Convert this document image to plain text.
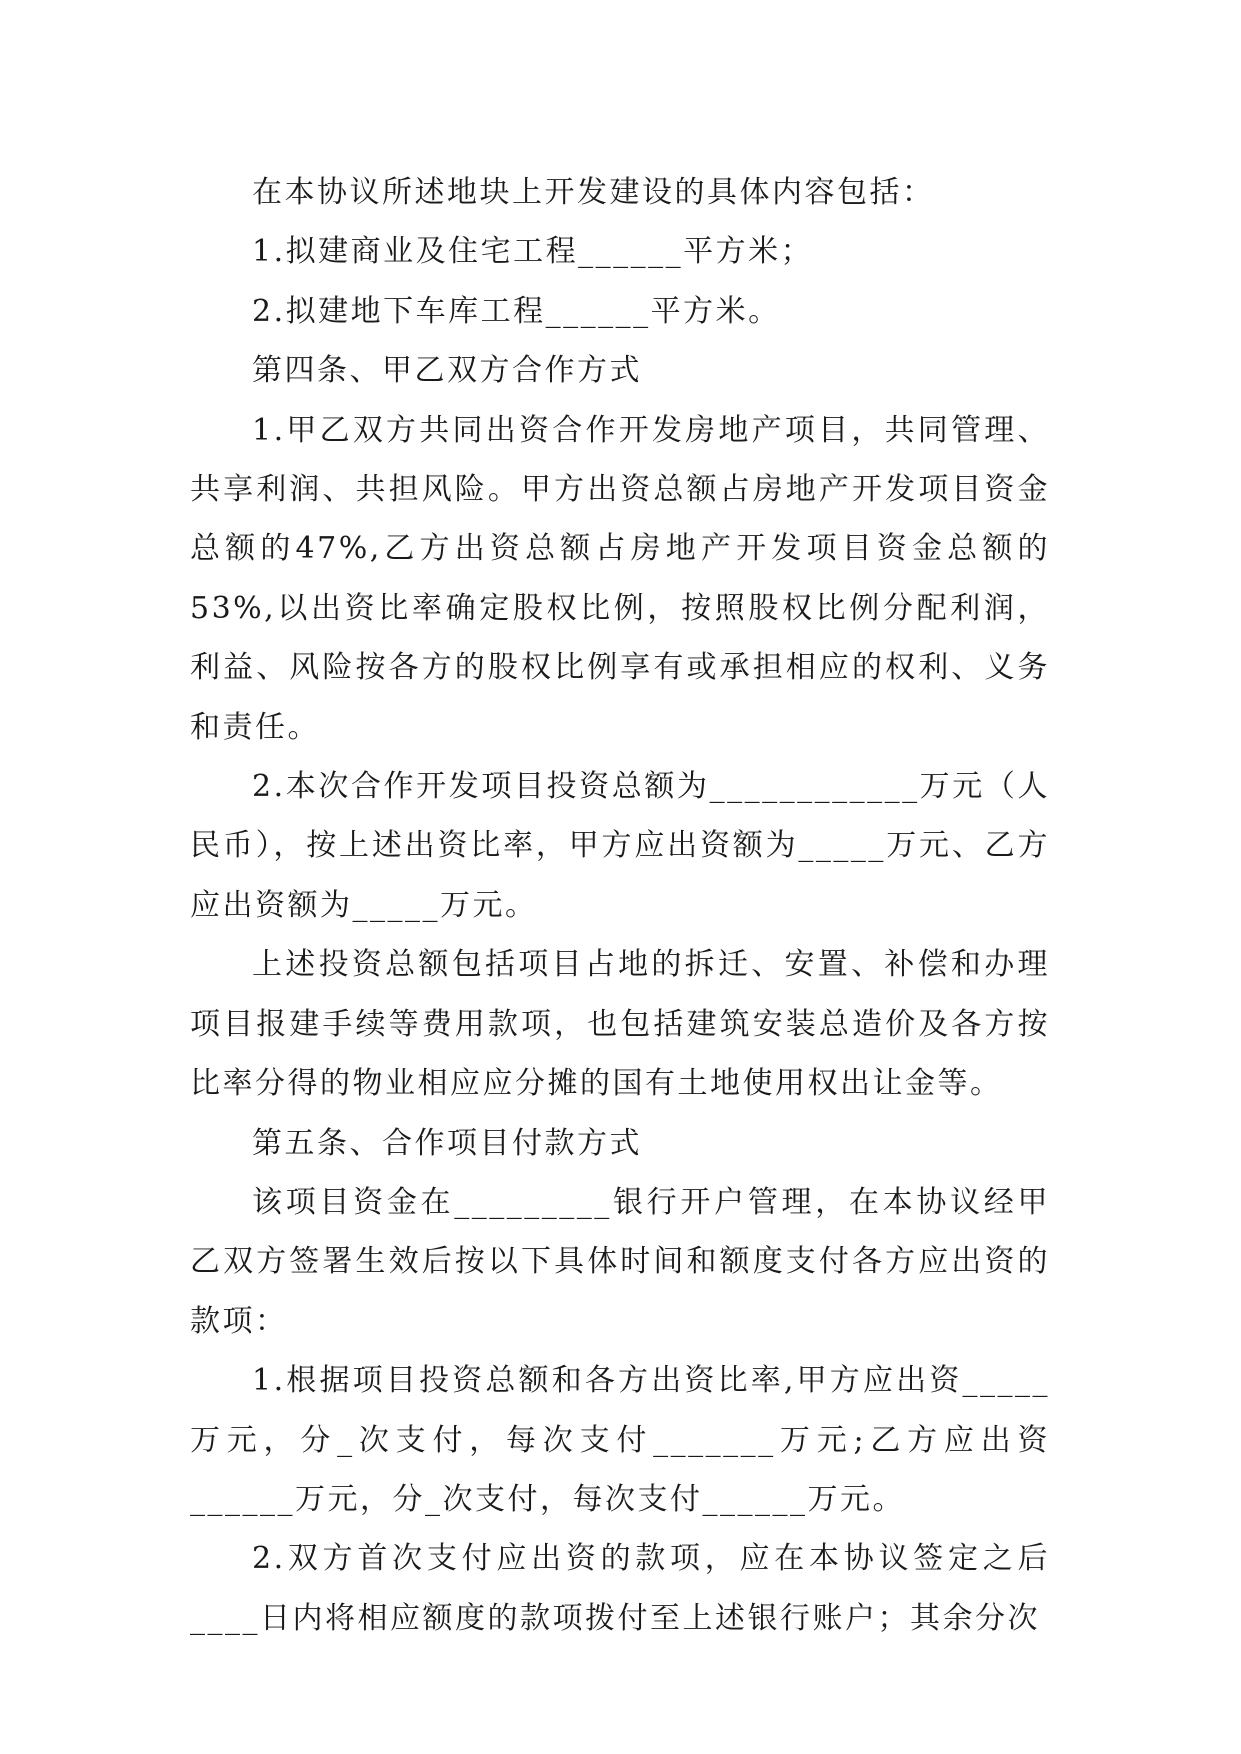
在本协议所述地块上开发建设的具体内容包括：

1.拟建商业及住宅工程______平方米；

2.拟建地下车库工程______平方米。

第四条、甲乙双方合作方式

1.甲乙双方共同出资合作开发房地产项目，共同管理、共享利润、共担风险。甲方出资总额占房地产开发项目资金总额的47%,乙方出资总额占房地产开发项目资金总额的53%,以出资比率确定股权比例，按照股权比例分配利润，利益、风险按各方的股权比例享有或承担相应的权利、义务和责任。

2.本次合作开发项目投资总额为____________万元（人民币），按上述出资比率，甲方应出资额为_____万元、乙方应出资额为_____万元。

上述投资总额包括项目占地的拆迁、安置、补偿和办理项目报建手续等费用款项，也包括建筑安装总造价及各方按比率分得的物业相应应分摊的国有土地使用权出让金等。

第五条、合作项目付款方式

该项目资金在_________银行开户管理，在本协议经甲乙双方签署生效后按以下具体时间和额度支付各方应出资的款项：

1.根据项目投资总额和各方出资比率,甲方应出资_____万元，分_次支付，每次支付_______万元;乙方应出资______万元，分_次支付，每次支付______万元。

2.双方首次支付应出资的款项，应在本协议签定之后____日内将相应额度的款项拨付至上述银行账户；其余分次
